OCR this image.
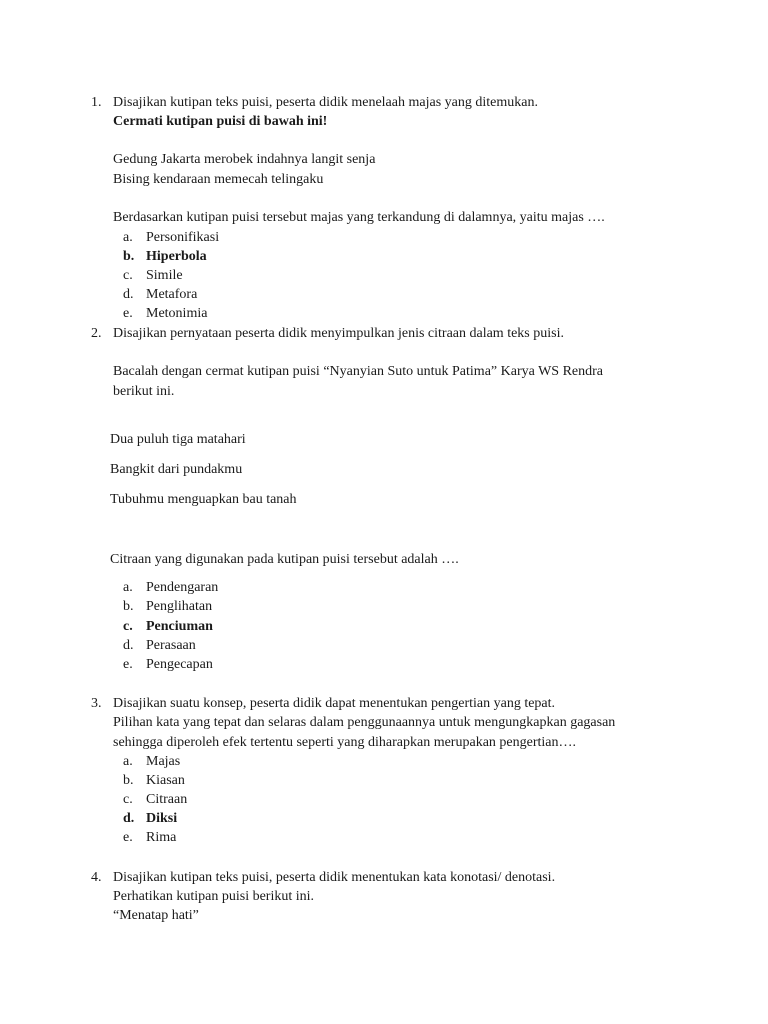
1. Disajikan kutipan teks puisi, peserta didik menelaah majas yang ditemukan.
Cermati kutipan puisi di bawah ini!
Gedung Jakarta merobek indahnya langit senja
Bising kendaraan memecah telingaku
Berdasarkan kutipan puisi tersebut majas yang terkandung di dalamnya, yaitu majas ….
a. Personifikasi
b. Hiperbola
c. Simile
d. Metafora
e. Metonimia
2. Disajikan pernyataan peserta didik menyimpulkan jenis citraan dalam teks puisi.
Bacalah dengan cermat kutipan puisi “Nyanyian Suto untuk Patima” Karya WS Rendra
berikut ini.
Dua puluh tiga matahari
Bangkit dari pundakmu
Tubuhmu menguapkan bau tanah
Citraan yang digunakan pada kutipan puisi tersebut adalah ….
a. Pendengaran
b. Penglihatan
c. Penciuman
d. Perasaan
e. Pengecapan
3. Disajikan suatu konsep, peserta didik dapat menentukan pengertian yang tepat.
Pilihan kata yang tepat dan selaras dalam penggunaannya untuk mengungkapkan gagasan
sehingga diperoleh efek tertentu seperti yang diharapkan merupakan pengertian….
a. Majas
b. Kiasan
c. Citraan
d. Diksi
e. Rima
4. Disajikan kutipan teks puisi, peserta didik menentukan kata konotasi/ denotasi.
Perhatikan kutipan puisi berikut ini.
“Menatap hati”
